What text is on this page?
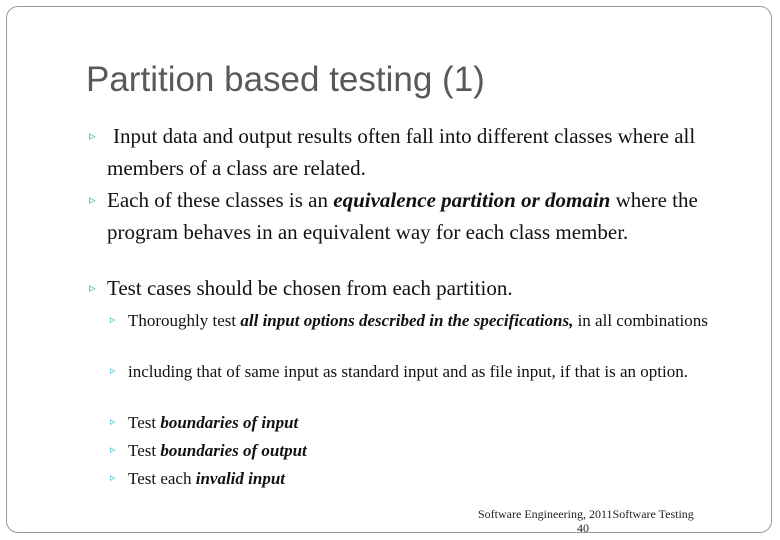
Partition based testing (1)
▹ Input data and output results often fall into different classes where all members of a class are related.
▹ Each of these classes is an equivalence partition or domain where the program behaves in an equivalent way for each class member.
▹ Test cases should be chosen from each partition.
▹ Thoroughly test all input options described in the specifications, in all combinations
▹ including that of same input as standard input and as file input, if that is an option.
▹ Test boundaries of input
▹ Test boundaries of output
▹ Test each invalid input
Software Engineering, 2011Software Testing
40
